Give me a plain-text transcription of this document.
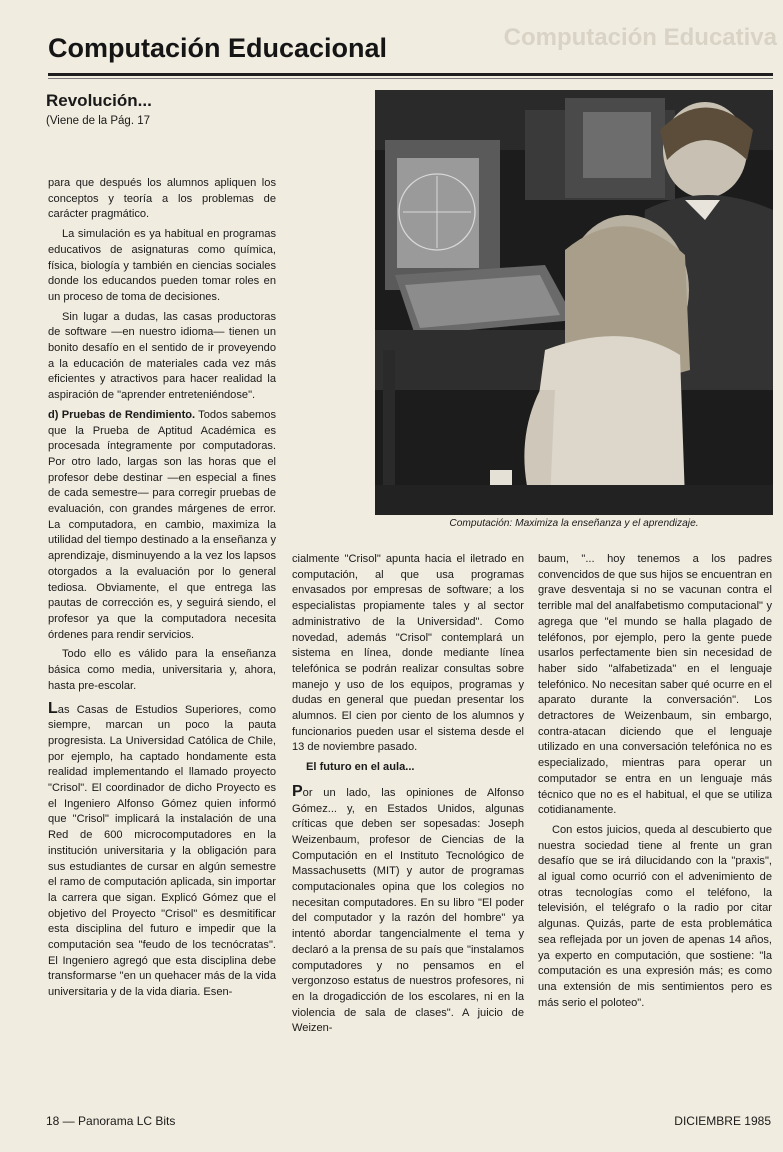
Computación Educativa
Computación Educacional
Revolución...
(Viene de la Pág. 17
Computación: Maximiza la enseñanza y el aprendizaje.

para que después los alumnos apliquen los conceptos y teoría a los problemas de carácter pragmático.

La simulación es ya habitual en programas educativos de asignaturas como química, física, biología y también en ciencias sociales donde los educandos pueden tomar roles en un proceso de toma de decisiones.

Sin lugar a dudas, las casas productoras de software —en nuestro idioma— tienen un bonito desafío en el sentido de ir proveyendo a la educación de materiales cada vez más eficientes y atractivos para hacer realidad la aspiración de "aprender entreteniéndose".

d) Pruebas de Rendimiento. Todos sabemos que la Prueba de Aptitud Académica es procesada íntegramente por computadoras. Por otro lado, largas son las horas que el profesor debe destinar —en especial a fines de cada semestre— para corregir pruebas de evaluación, con grandes márgenes de error. La computadora, en cambio, maximiza la utilidad del tiempo destinado a la enseñanza y aprendizaje, disminuyendo a la vez los lapsos otorgados a la evaluación por lo general tediosa. Obviamente, el que entrega las pautas de corrección es, y seguirá siendo, el profesor ya que la computadora necesita órdenes para rendir servicios.

Todo ello es válido para la enseñanza básica como media, universitaria y, ahora, hasta pre-escolar.

Las Casas de Estudios Superiores, como siempre, marcan un poco la pauta progresista. La Universidad Católica de Chile, por ejemplo, ha captado hondamente esta realidad implementando el llamado proyecto "Crisol". El coordinador de dicho Proyecto es el Ingeniero Alfonso Gómez quien informó que "Crisol" implicará la instalación de una Red de 600 microcomputadores en la institución universitaria y la obligación para sus estudiantes de cursar en algún semestre el ramo de computación aplicada, sin importar la carrera que sigan. Explicó Gómez que el objetivo del Proyecto "Crisol" es desmitificar esta disciplina del futuro e impedir que la computación sea "feudo de los tecnócratas". El Ingeniero agregó que esta disciplina debe transformarse "en un quehacer más de la vida universitaria y de la vida diaria. Esen-

cialmente "Crisol" apunta hacia el iletrado en computación, al que usa programas envasados por empresas de software; a los especialistas propiamente tales y al sector administrativo de la Universidad". Como novedad, además "Crisol" contemplará un sistema en línea, donde mediante línea telefónica se podrán realizar consultas sobre manejo y uso de los equipos, programas y dudas en general que puedan presentar los alumnos. El cien por ciento de los alumnos y funcionarios pueden usar el sistema desde el 13 de noviembre pasado.

El futuro en el aula...

Por un lado, las opiniones de Alfonso Gómez... y, en Estados Unidos, algunas críticas que deben ser sopesadas: Joseph Weizenbaum, profesor de Ciencias de la Computación en el Instituto Tecnológico de Massachusetts (MIT) y autor de programas computacionales opina que los colegios no necesitan computadores. En su libro "El poder del computador y la razón del hombre" ya intentó abordar tangencialmente el tema y declaró a la prensa de su país que "instalamos computadores y no pensamos en el vergonzoso estatus de nuestros profesores, ni en la drogadicción de los escolares, ni en la violencia de sala de clases". A juicio de Weizen-

baum, "... hoy tenemos a los padres convencidos de que sus hijos se encuentran en grave desventaja si no se vacunan contra el terrible mal del analfabetismo computacional" y agrega que "el mundo se halla plagado de teléfonos, por ejemplo, pero la gente puede usarlos perfectamente bien sin necesidad de haber sido "alfabetizada" en el lenguaje telefónico. No necesitan saber qué ocurre en el aparato durante la conversación". Los detractores de Weizenbaum, sin embargo, contra-atacan diciendo que el lenguaje utilizado en una conversación telefónica no es especializado, mientras para operar un computador se entra en un lenguaje más técnico que no es el habitual, el que se utiliza cotidianamente.

Con estos juicios, queda al descubierto que nuestra sociedad tiene al frente un gran desafío que se irá dilucidando con la "praxis", al igual como ocurrió con el advenimiento de otras tecnologías como el teléfono, la televisión, el telégrafo o la radio por citar algunas. Quizás, parte de esta problemática sea reflejada por un joven de apenas 14 años, ya experto en computación, que sostiene: "la computación es una expresión más; es como una extensión de mis sentimientos pero es más serio el poloteo".

18 — Panorama LC Bits	DICIEMBRE 1985
